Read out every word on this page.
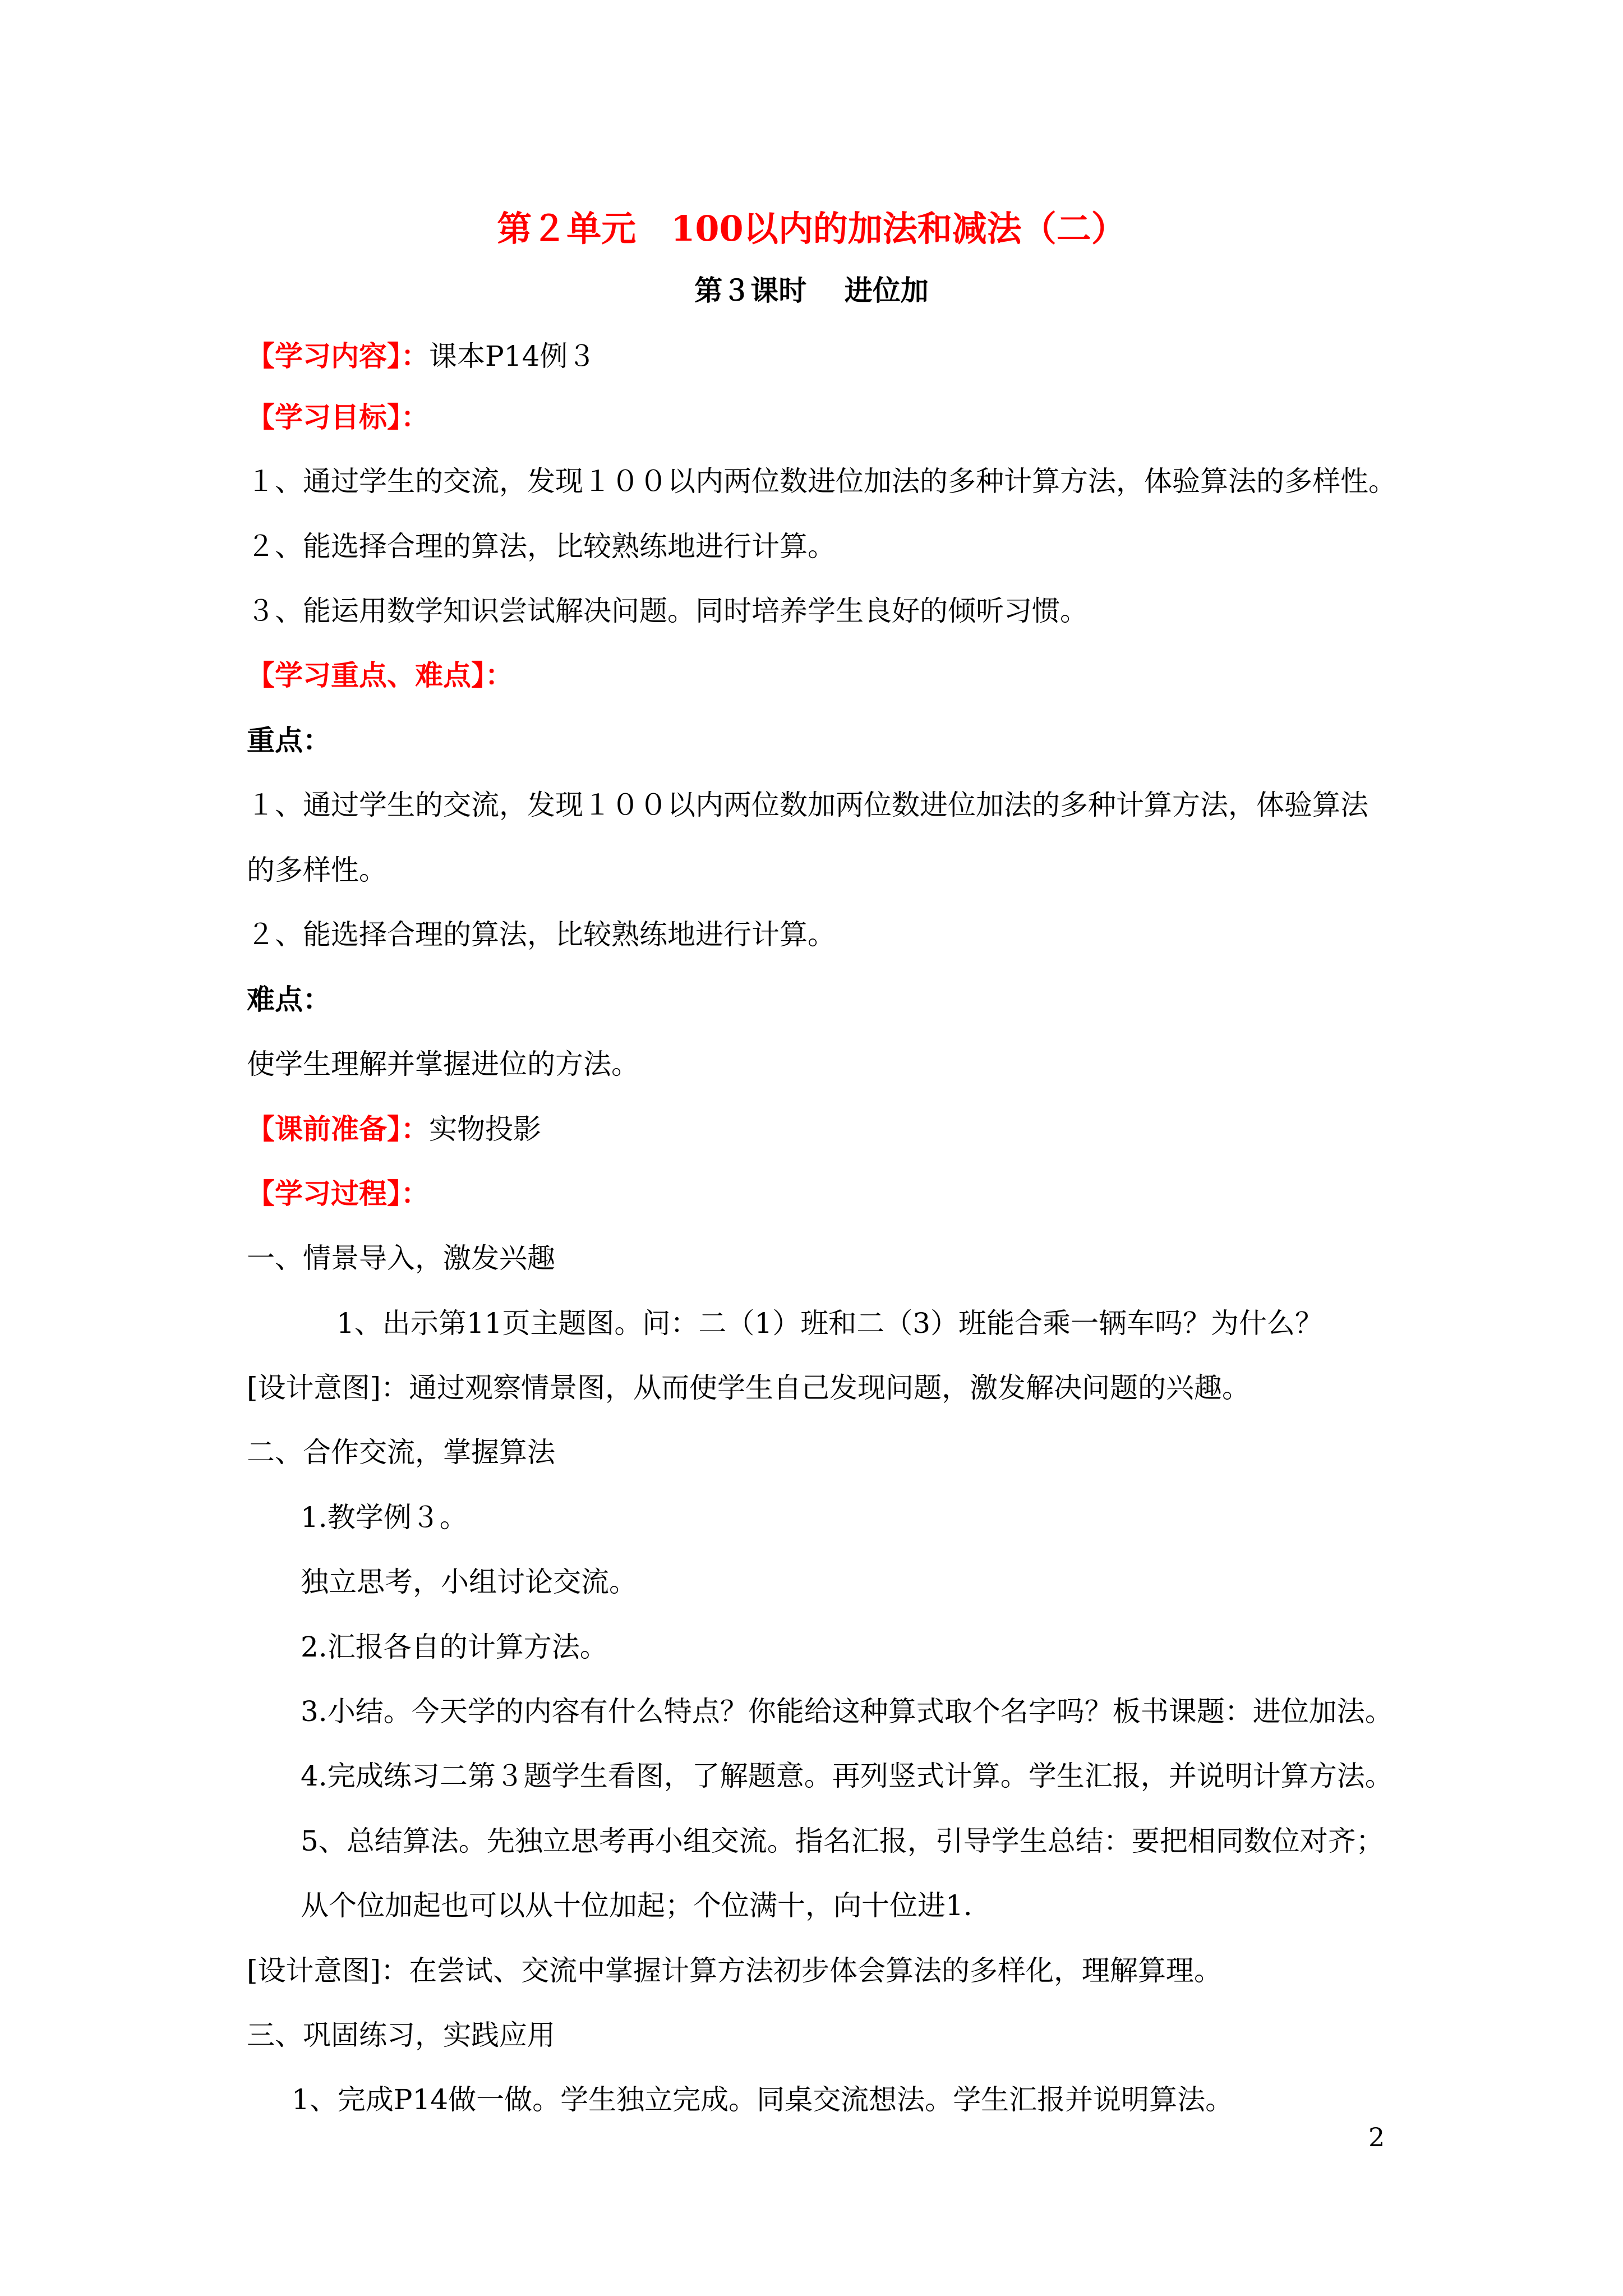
第２单元　100以内的加法和减法（二）
第３课时　 进位加
【学习内容】：课本P14例３
【学习目标】：
１、通过学生的交流，发现１００以内两位数进位加法的多种计算方法，体验算法的多样性。
２、能选择合理的算法，比较熟练地进行计算。
３、能运用数学知识尝试解决问题。同时培养学生良好的倾听习惯。
【学习重点、难点】：
重点：
１、通过学生的交流，发现１００以内两位数加两位数进位加法的多种计算方法，体验算法
的多样性。
２、能选择合理的算法，比较熟练地进行计算。
难点：
使学生理解并掌握进位的方法。
【课前准备】：实物投影
【学习过程】：
一、情景导入，激发兴趣
1、出示第11页主题图。问：二（1）班和二（3）班能合乘一辆车吗？为什么？
[设计意图]：通过观察情景图，从而使学生自己发现问题，激发解决问题的兴趣。
二、合作交流，掌握算法
1.教学例３。
独立思考，小组讨论交流。
2.汇报各自的计算方法。
3.小结。今天学的内容有什么特点？你能给这种算式取个名字吗？板书课题：进位加法。
4.完成练习二第３题学生看图，了解题意。再列竖式计算。学生汇报，并说明计算方法。
5、总结算法。先独立思考再小组交流。指名汇报，引导学生总结：要把相同数位对齐；
从个位加起也可以从十位加起；个位满十，向十位进1.
[设计意图]：在尝试、交流中掌握计算方法初步体会算法的多样化，理解算理。
三、巩固练习，实践应用
1、完成P14做一做。学生独立完成。同桌交流想法。学生汇报并说明算法。
2
